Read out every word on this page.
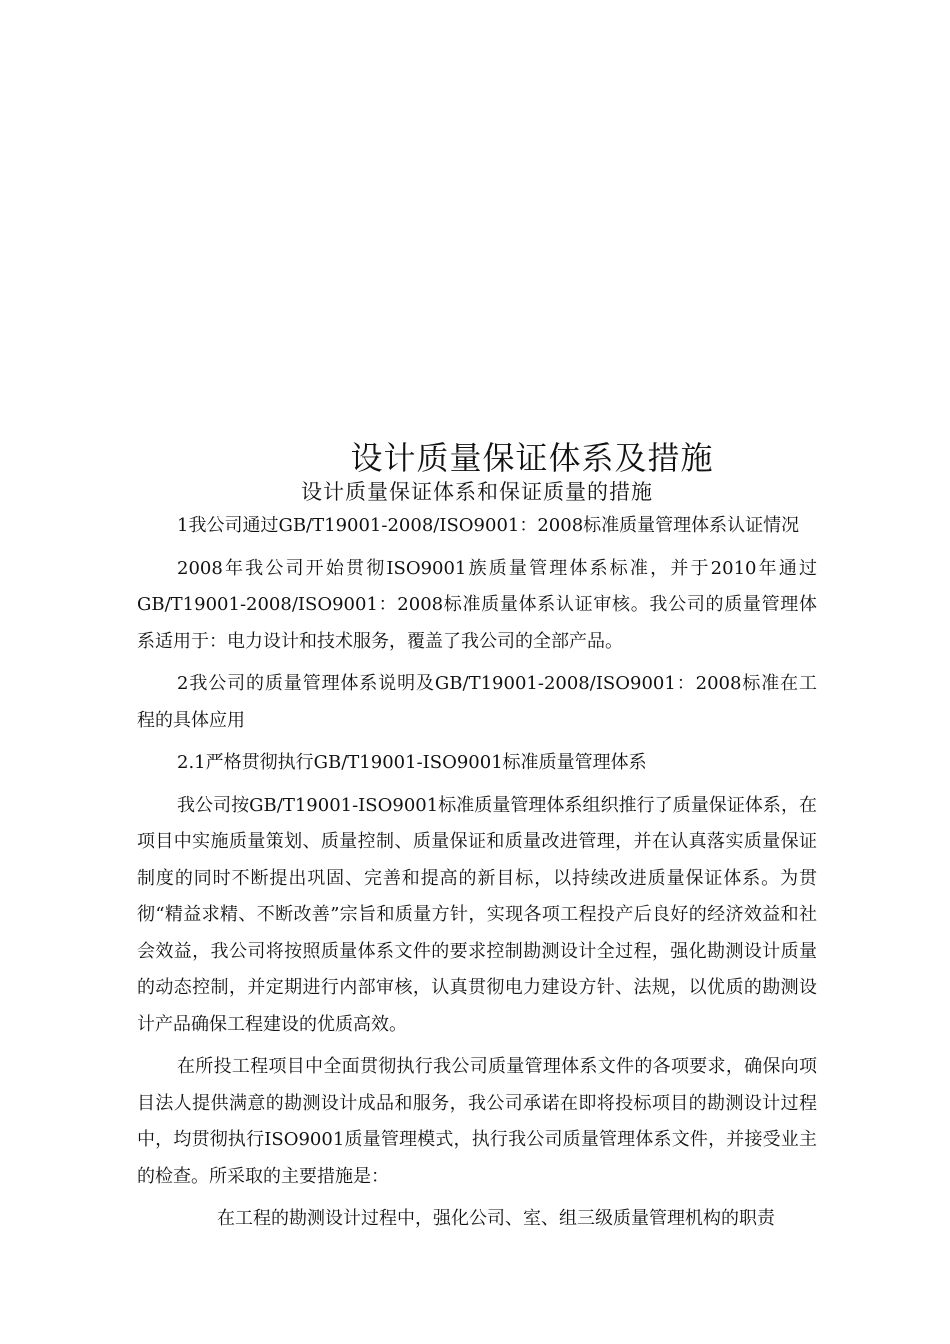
设计质量保证体系及措施
设计质量保证体系和保证质量的措施

1我公司通过GB/T19001-2008/ISO9001：2008标准质量管理体系认证情况

2008年我公司开始贯彻ISO9001族质量管理体系标准，并于2010年通过GB/T19001-2008/ISO9001：2008标准质量体系认证审核。我公司的质量管理体系适用于：电力设计和技术服务，覆盖了我公司的全部产品。

2我公司的质量管理体系说明及GB/T19001-2008/ISO9001：2008标准在工程的具体应用

2.1严格贯彻执行GB/T19001-ISO9001标准质量管理体系

我公司按GB/T19001-ISO9001标准质量管理体系组织推行了质量保证体系，在项目中实施质量策划、质量控制、质量保证和质量改进管理，并在认真落实质量保证制度的同时不断提出巩固、完善和提高的新目标，以持续改进质量保证体系。为贯彻“精益求精、不断改善”宗旨和质量方针，实现各项工程投产后良好的经济效益和社会效益，我公司将按照质量体系文件的要求控制勘测设计全过程，强化勘测设计质量的动态控制，并定期进行内部审核，认真贯彻电力建设方针、法规，以优质的勘测设计产品确保工程建设的优质高效。

在所投工程项目中全面贯彻执行我公司质量管理体系文件的各项要求，确保向项目法人提供满意的勘测设计成品和服务，我公司承诺在即将投标项目的勘测设计过程中，均贯彻执行ISO9001质量管理模式，执行我公司质量管理体系文件，并接受业主的检查。所采取的主要措施是：

在工程的勘测设计过程中，强化公司、室、组三级质量管理机构的职责
